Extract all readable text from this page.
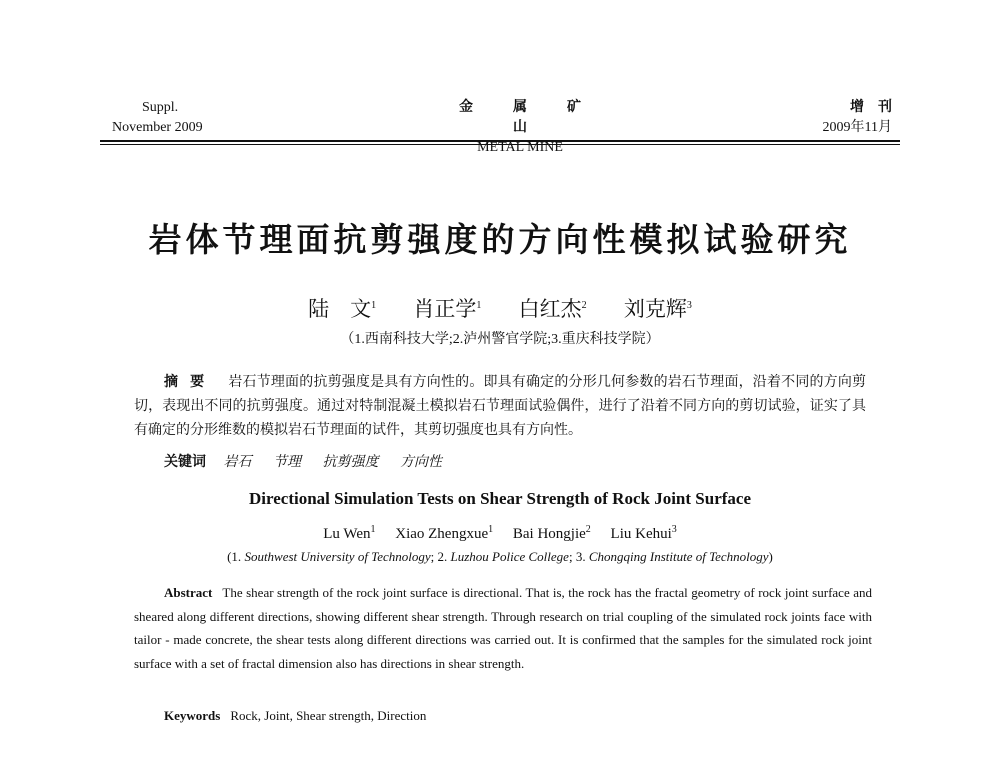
Suppl.
November 2009
金属矿山
METAL MINE
增刊
2009年11月
岩体节理面抗剪强度的方向性模拟试验研究
陆　文$^1$ 肖正学$^1$ 白红杰$^2$ 刘克辉$^3$
（1.西南科技大学;2.泸州警官学院;3.重庆科技学院）
摘要 岩石节理面的抗剪强度是具有方向性的。即具有确定的分形几何参数的岩石节理面，沿着不同的方向剪切，表现出不同的抗剪强度。通过对特制混凝土模拟岩石节理面试验偶件，进行了沿着不同方向的剪切试验，证实了具有确定的分形维数的模拟岩石节理面的试件，其剪切强度也具有方向性。
关键词 岩石 节理 抗剪强度 方向性
Directional Simulation Tests on Shear Strength of Rock Joint Surface
Lu Wen$^1$ Xiao Zhengxue$^1$ Bai Hongjie$^2$ Liu Kehui$^3$
(1. Southwest University of Technology; 2. Luzhou Police College; 3. Chongqing Institute of Technology)
Abstract The shear strength of the rock joint surface is directional. That is, the rock has the fractal geometry of rock joint surface and sheared along different directions, showing different shear strength. Through research on trial coupling of the simulated rock joints face with tailor - made concrete, the shear tests along different directions was carried out. It is confirmed that the samples for the simulated rock joint surface with a set of fractal dimension also has directions in shear strength.
Keywords Rock, Joint, Shear strength, Direction
